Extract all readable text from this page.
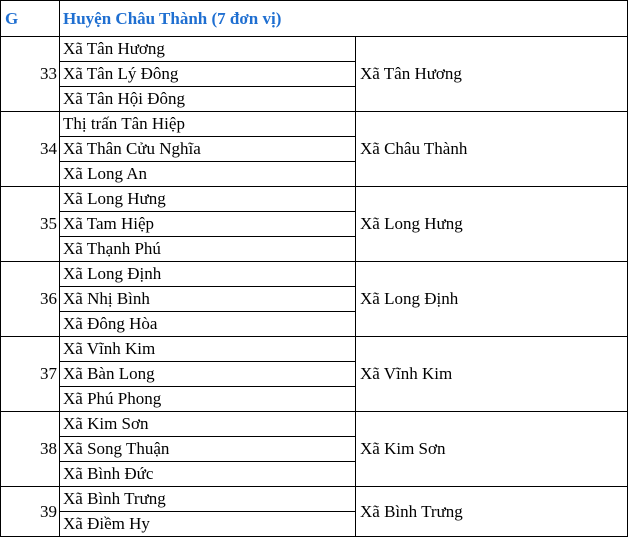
G	Huyện Châu Thành (7 đơn vị)	
33	Xã Tân Hương	Xã Tân Hương
	Xã Tân Lý Đông	
	Xã Tân Hội Đông	
34	Thị trấn Tân Hiệp	Xã Châu Thành
	Xã Thân Cửu Nghĩa	
	Xã Long An	
35	Xã Long Hưng	Xã Long Hưng
	Xã Tam Hiệp	
	Xã Thạnh Phú	
36	Xã Long Định	Xã Long Định
	Xã Nhị Bình	
	Xã Đông Hòa	
37	Xã Vĩnh Kim	Xã Vĩnh Kim
	Xã Bàn Long	
	Xã Phú Phong	
38	Xã Kim Sơn	Xã Kim Sơn
	Xã Song Thuận	
	Xã Bình Đức	
39	Xã Bình Trưng	Xã Bình Trưng
	Xã Điềm Hy	
